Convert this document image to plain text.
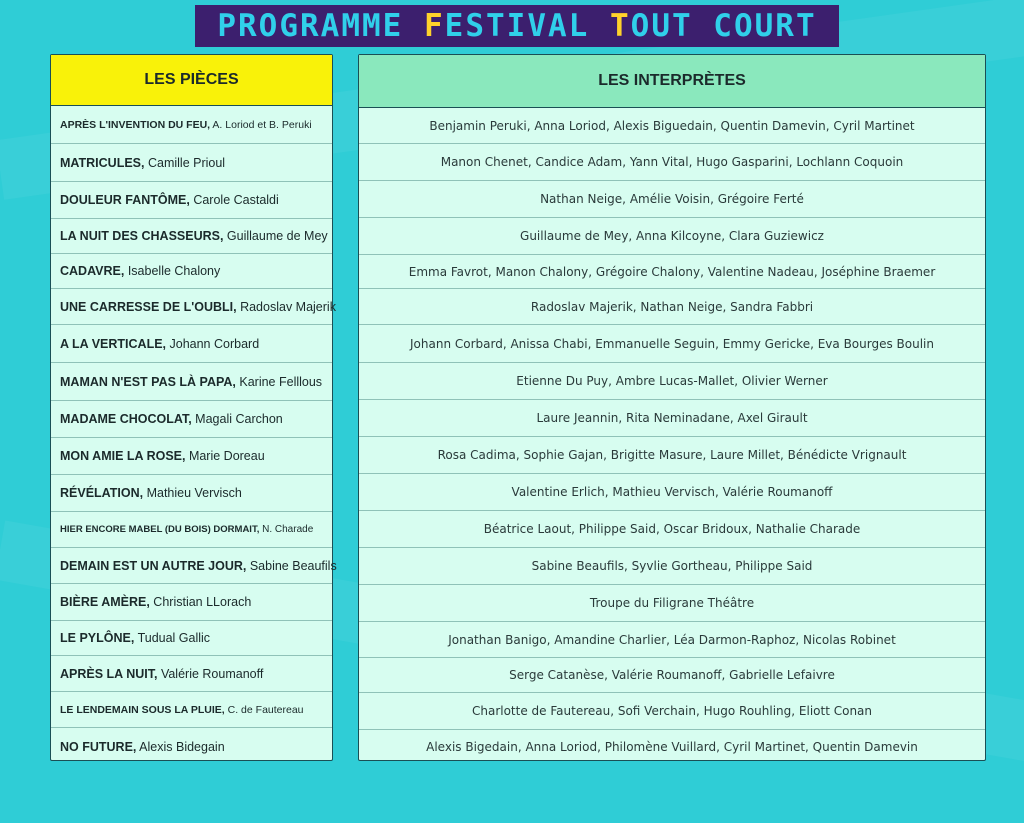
PROGRAMME FESTIVAL TOUT COURT
LES PIÈCES
APRÈS L'INVENTION DU FEU, A. Loriod et B. Peruki
MATRICULES, Camille Prioul
DOULEUR FANTÔME, Carole Castaldi
LA NUIT DES CHASSEURS, Guillaume de Mey
CADAVRE, Isabelle Chalony
UNE CARRESSE DE L'OUBLI, Radoslav Majerik
A LA VERTICALE, Johann Corbard
MAMAN N'EST PAS LÀ PAPA, Karine Felllous
MADAME CHOCOLAT, Magali Carchon
MON AMIE LA ROSE, Marie Doreau
RÉVÉLATION, Mathieu Vervisch
HIER ENCORE MABEL (DU BOIS) DORMAIT, N. Charade
DEMAIN EST UN AUTRE JOUR, Sabine Beaufils
BIÈRE AMÈRE, Christian LLorach
LE PYLÔNE, Tudual Gallic
APRÈS LA NUIT, Valérie Roumanoff
LE LENDEMAIN SOUS LA PLUIE, C. de Fautereau
NO FUTURE, Alexis Bidegain
LES INTERPRÈTES
Benjamin Peruki, Anna Loriod, Alexis Biguedain, Quentin Damevin, Cyril Martinet
Manon Chenet, Candice Adam, Yann Vital, Hugo Gasparini, Lochlann Coquoin
Nathan Neige, Amélie Voisin, Grégoire Ferté
Guillaume de Mey, Anna Kilcoyne, Clara Guziewicz
Emma Favrot, Manon Chalony, Grégoire Chalony, Valentine Nadeau, Joséphine Braemer
Radoslav Majerik, Nathan Neige, Sandra Fabbri
Johann Corbard, Anissa Chabi, Emmanuelle Seguin, Emmy Gericke, Eva Bourges Boulin
Etienne Du Puy, Ambre Lucas-Mallet, Olivier Werner
Laure Jeannin, Rita Neminadane, Axel Girault
Rosa Cadima, Sophie Gajan, Brigitte Masure, Laure Millet, Bénédicte Vrignault
Valentine Erlich, Mathieu Vervisch, Valérie Roumanoff
Béatrice Laout, Philippe Said, Oscar Bridoux, Nathalie Charade
Sabine Beaufils, Syvlie Gortheau, Philippe Said
Troupe du Filigrane Théâtre
Jonathan Banigo, Amandine Charlier, Léa Darmon-Raphoz, Nicolas Robinet
Serge Catanèse, Valérie Roumanoff, Gabrielle Lefaivre
Charlotte de Fautereau, Sofi Verchain, Hugo Rouhling, Eliott Conan
Alexis Bigedain, Anna Loriod, Philomène Vuillard, Cyril Martinet, Quentin Damevin
